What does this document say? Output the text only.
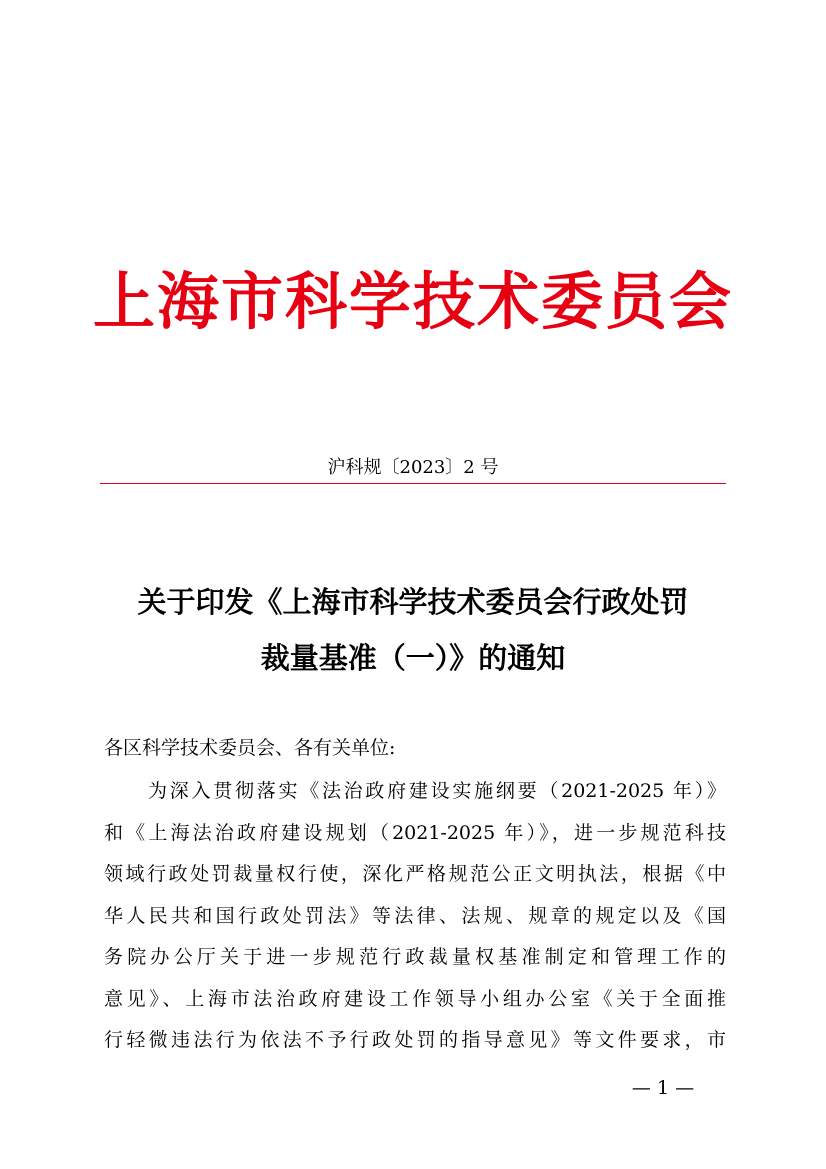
上海市科学技术委员会
沪科规〔2023〕2 号
关于印发《上海市科学技术委员会行政处罚
裁量基准（一）》的通知
各区科学技术委员会、各有关单位:
为深入贯彻落实《法治政府建设实施纲要（2021-2025 年）》
和《上海法治政府建设规划（2021-2025 年）》，进一步规范科技
领域行政处罚裁量权行使，深化严格规范公正文明执法，根据《中
华人民共和国行政处罚法》等法律、法规、规章的规定以及《国
务院办公厅关于进一步规范行政裁量权基准制定和管理工作的
意见》、上海市法治政府建设工作领导小组办公室《关于全面推
行轻微违法行为依法不予行政处罚的指导意见》等文件要求，市
— 1 —
